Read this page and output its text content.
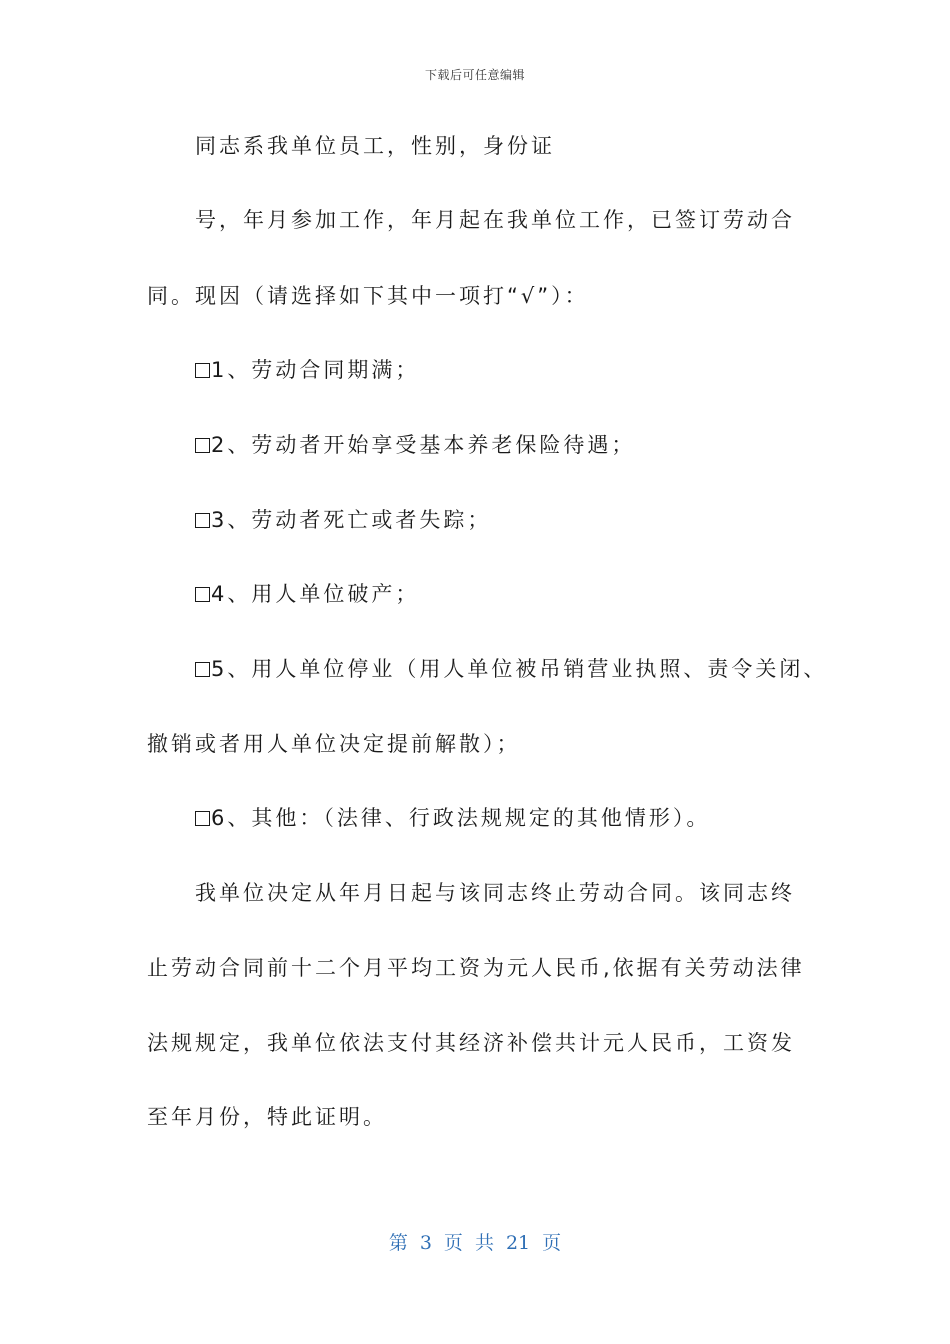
下载后可任意编辑
同志系我单位员工，性别，身份证
号，年月参加工作，年月起在我单位工作，已签订劳动合
同。现因（请选择如下其中一项打“√”）：
1、劳动合同期满；
2、劳动者开始享受基本养老保险待遇；
3、劳动者死亡或者失踪；
4、用人单位破产；
5、用人单位停业（用人单位被吊销营业执照、责令关闭、
撤销或者用人单位决定提前解散）；
6、其他：（法律、行政法规规定的其他情形）。
我单位决定从年月日起与该同志终止劳动合同。该同志终
止劳动合同前十二个月平均工资为元人民币,依据有关劳动法律
法规规定，我单位依法支付其经济补偿共计元人民币，工资发
至年月份，特此证明。
第 3 页 共 21 页
